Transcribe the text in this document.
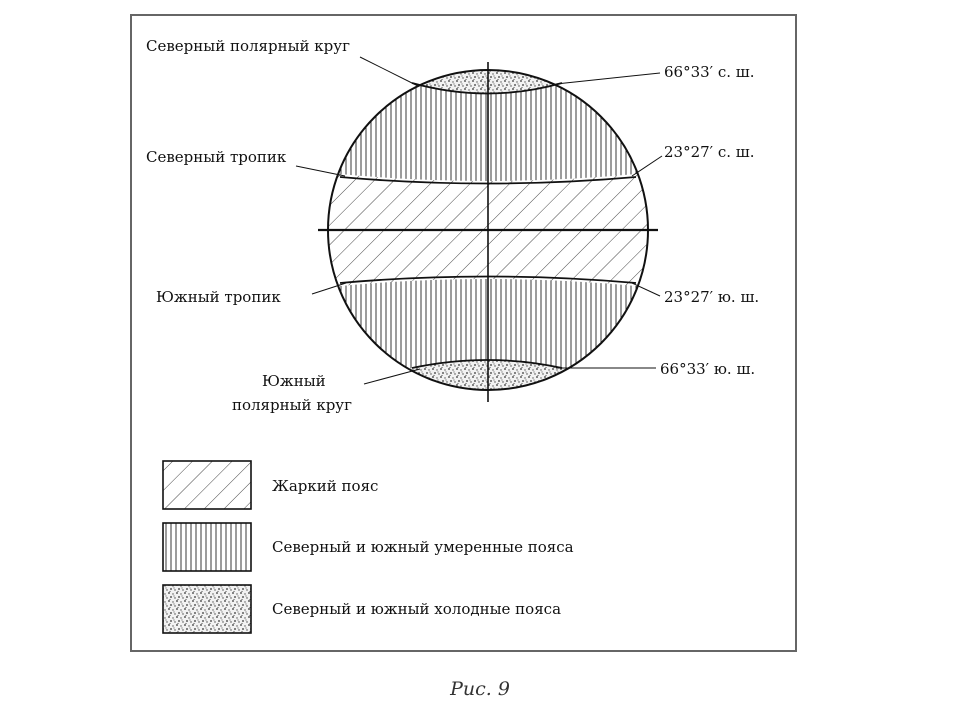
Северный полярный круг
66°33′ с. ш.
Северный тропик	23°27′ с. ш.
Южный тропик	23°27′ ю. ш.
Южный
полярный круг
66°33′ ю. ш.
Жаркий пояс
Северный и южный умеренные пояса
Северный и южный холодные пояса
Рис. 9
